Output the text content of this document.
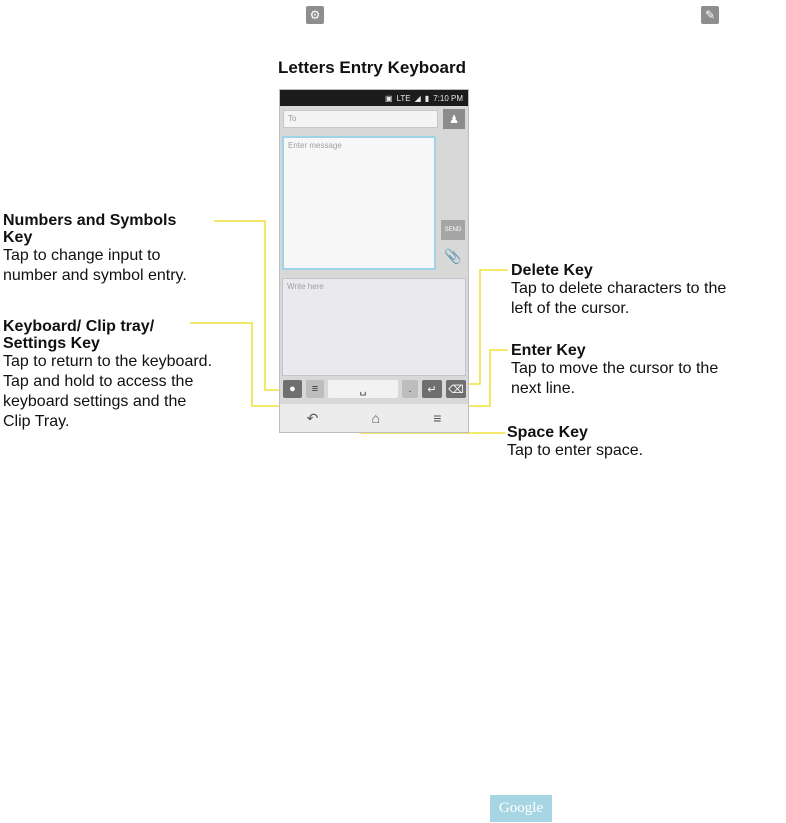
⚙	✎
Letters Entry Keyboard
Numbers and Symbols
Key
Tap to change input to
number and symbol entry.
Keyboard/ Clip tray/
Settings Key
Tap to return to the keyboard.
Tap and hold to access the
keyboard settings and the
Clip Tray.
Delete Key
Tap to delete characters to the
left of the cursor.
Enter Key
Tap to move the cursor to the
next line.
Space Key
Tap to enter space.
▣ LTE ◢ ▮ 7:10 PM
To	♟
Enter message
SEND
📎
Write here
● ≡	␣	. ↵ ⌫
↶	⌂	≡
Google
